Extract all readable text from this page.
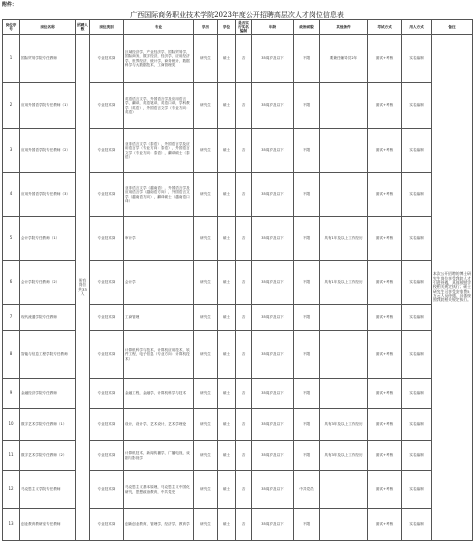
附件：
广西国际商务职业技术学院2023年度公开招聘高层次人才岗位信息表
岗位序号	岗位名称	招聘人数	岗位类别	专业	学历	学位	是否实行实名编制	年龄	政治面貌	其他条件	考试方式	用人方式	备注
1	国际贸易学院专任教师	所有岗位共33人	专业技术岗	区域经济学，产业经济学，国际贸易学，国际商务，数字经济，经济学，应用经济学，世界经济，统计学，商务统计，数据科学与大数据技术，工商管理类	研究生	硕士	否	35周岁及以下	不限	要兼任辅导员2年	面试+考核	实名编制	本次公开招聘的博士研究生岗位享受我院人才引进待遇，具体按照学校相关规定执行；硕士研究生可享受安家费5万元人员待遇，具体按照我院相关规定执行。
2	应用外国语学院专任教师（1）		专业技术岗	英语语言文学，外国语言学及应用语言学，翻译，英语笔译，英语口译，学科教学（英语），外国语言文学（专业方向：英语）	研究生	硕士	否	35周岁及以下	不限		面试+考核	实名编制	
3	应用外国语学院专任教师（2）		专业技术岗	亚非语言文学（泰语），外国语言学及应用语言学（专业方向：泰语），外国语言文学（专业方向：泰语），翻译硕士（泰语）	研究生	硕士	否	35周岁及以下	不限		面试+考核	实名编制	
4	应用外国语学院专任教师（3）		专业技术岗	亚非语言文学（越南语），外国语言学及应用语言学（越南语方向），外国语言文学（越南语方向），翻译硕士（越南语口译）	研究生	硕士	否	35周岁及以下	不限		面试+考核	实名编制	
5	会计学院专任教师（1）		专业技术岗	审计学	研究生	硕士	否	35周岁及以下	不限	具有1年及以上工作经历	面试+考核	实名编制	
6	会计学院专任教师（2）		专业技术岗	会计学	研究生	硕士	否	35周岁及以下	不限	具有1年及以上工作经历	面试+考核	实名编制	
7	现代流通学院专任教师		专业技术岗	工商管理	研究生	硕士	否	35周岁及以下	不限		面试+考核	实名编制	
8	智能与信息工程学院专任教师		专业技术岗	计算机科学与技术，计算机应用技术，软件工程，电子信息（专业方向：计算机技术）	研究生	硕士	否	35周岁及以下	不限		面试+考核	实名编制	
9	金融经济学院专任教师		专业技术岗	金融工程，金融学，计算机科学与技术	研究生	硕士	否	35周岁及以下	不限		面试+考核	实名编制	
10	数字艺术学院专任教师（1）		专业技术岗	设计，设计学，艺术设计，艺术学理论	研究生	硕士	否	35周岁及以下	不限	具有3年及以上工作经历	面试+考核	实名编制	
11	数字艺术学院专任教师（2）		专业技术岗	计算机技术，新闻传播学，广播电视，戏剧与影视学	研究生	硕士	否	35周岁及以下	不限	具有3年及以上工作经历	面试+考核	实名编制	
12	马克思主义学院专任教师		专业技术岗	马克思主义基本原理，马克思主义中国化研究，思想政治教育，中共党史	研究生	硕士	否	35周岁及以下	中共党员		面试+考核	实名编制	
13	创业教育教研室专任教师		专业技术岗	创新创业教育，管理学，经济学，教育学	研究生	硕士	否	35周岁及以下	不限		面试+考核	实名编制	
